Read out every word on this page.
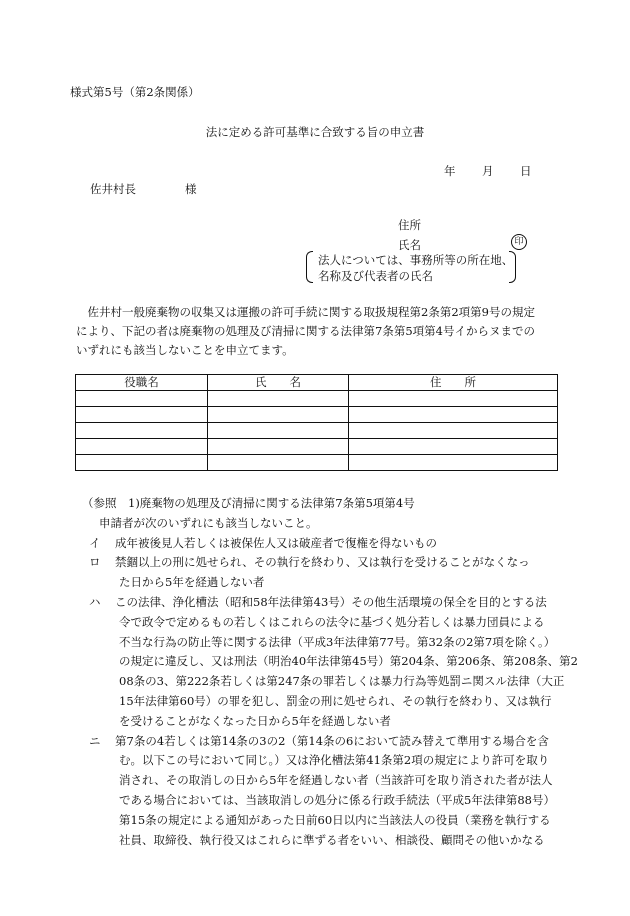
様式第5号（第2条関係）
法に定める許可基準に合致する旨の申立書
年 月 日
佐井村長	様
住所
氏名	印
法人については、事務所等の所在地、
名称及び代表者の氏名
　佐井村一般廃棄物の収集又は運搬の許可手続に関する取扱規程第2条第2項第9号の規定
により、下記の者は廃棄物の処理及び清掃に関する法律第7条第5項第4号イからヌまでの
いずれにも該当しないことを申立てます。
役職名	氏　　名	住　　所

（参照　1)廃棄物の処理及び清掃に関する法律第7条第5項第4号
申請者が次のいずれにも該当しないこと。
イ 成年被後見人若しくは被保佐人又は破産者で復権を得ないもの
ロ 禁錮以上の刑に処せられ、その執行を終わり、又は執行を受けることがなくなっ
た日から5年を経過しない者
ハ この法律、浄化槽法（昭和58年法律第43号）その他生活環境の保全を目的とする法
令で政令で定めるもの若しくはこれらの法令に基づく処分若しくは暴力団員による
不当な行為の防止等に関する法律（平成3年法律第77号。第32条の2第7項を除く。）
の規定に違反し、又は刑法（明治40年法律第45号）第204条、第206条、第208条、第2
08条の3、第222条若しくは第247条の罪若しくは暴力行為等処罰ニ関スル法律（大正
15年法律第60号）の罪を犯し、罰金の刑に処せられ、その執行を終わり、又は執行
を受けることがなくなった日から5年を経過しない者
ニ 第7条の4若しくは第14条の3の2（第14条の6において読み替えて準用する場合を含
む。以下この号において同じ。）又は浄化槽法第41条第2項の規定により許可を取り
消され、その取消しの日から5年を経過しない者（当該許可を取り消された者が法人
である場合においては、当該取消しの処分に係る行政手続法（平成5年法律第88号）
第15条の規定による通知があった日前60日以内に当該法人の役員（業務を執行する
社員、取締役、執行役又はこれらに準ずる者をいい、相談役、顧問その他いかなる
